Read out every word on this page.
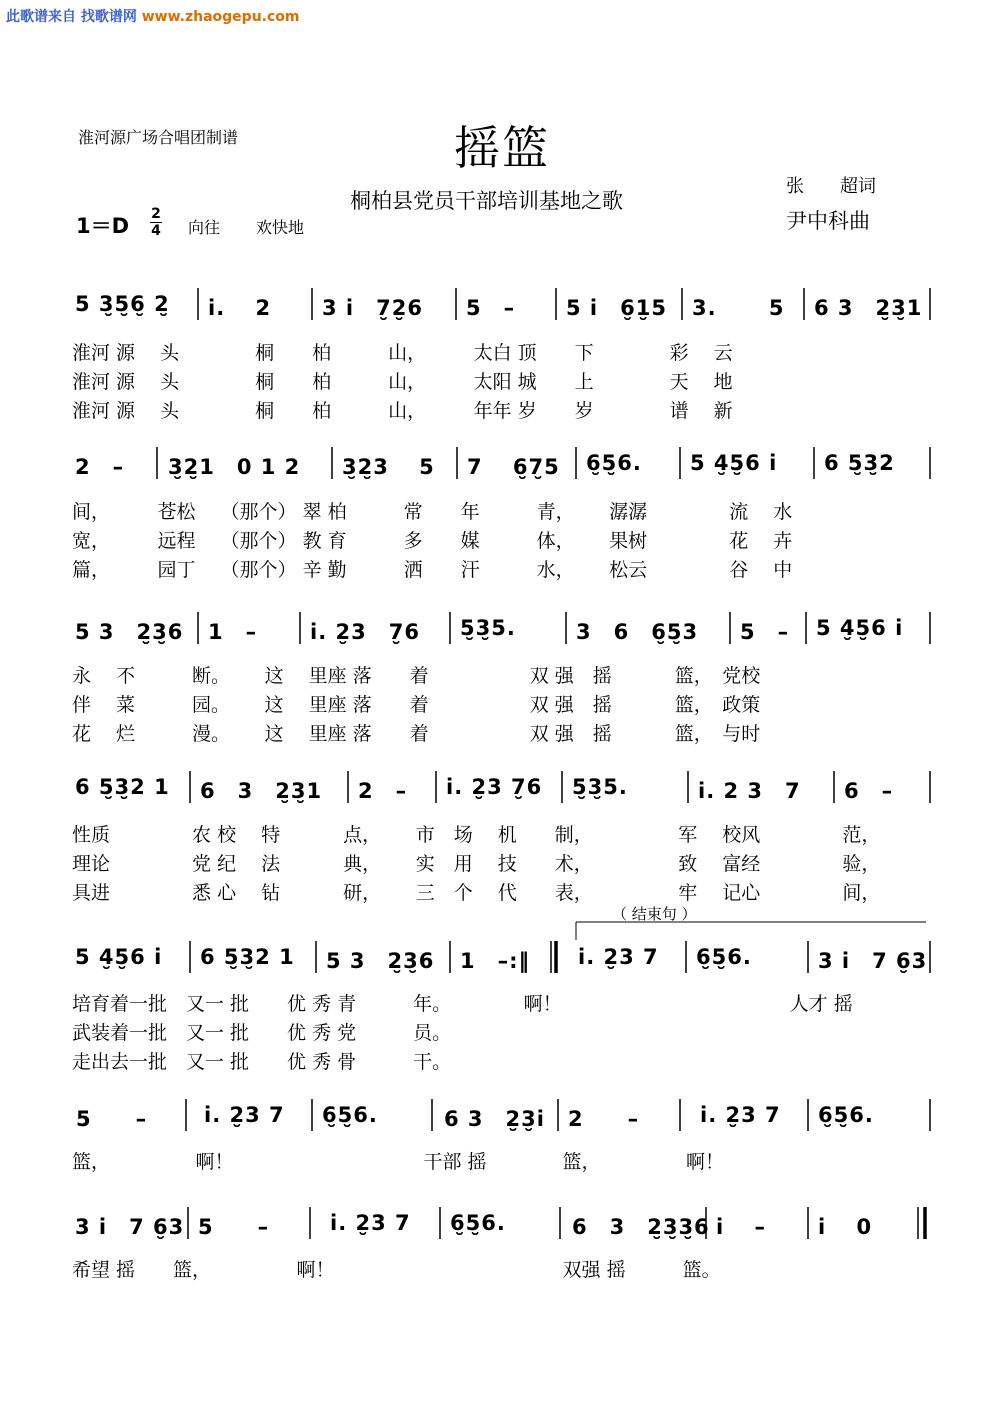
此歌谱来自 找歌谱网 www.zhaogepu.com
淮河源广场合唱团制谱	摇篮
桐柏县党员干部培训基地之歌
张　　超词
尹中科曲
1＝D 2
4 向往 欢快地
5 3̮5̮6̮ 2̮ i.　 2 3 i　7̮2̮6 5　– 5 i　6̮1̮5 3.　　 5 6 3　2̮3̮1
淮河 源　 头　　　　桐　　柏　　　山，　　　太白 顶　　下　　　　彩　 云
淮河 源　 头　　　　桐　　柏　　　山，　　　太阳 城　　上　　　　天　 地
淮河 源　 头　　　　桐　　柏　　　山，　　　年年 岁　　岁　　　　谱　 新
2　– 3̮2̮1　0 1 2 3̮2̮3　 5 7　 6̮7̮5 6̮5̮6. 5 4̮5̮6 i 6 5̮3̮2
间，　　　苍松　 （那个） 翠 柏　　　常　　年　　　青，　　 潺潺　　　　 流　 水
宽，　　　远程　 （那个） 教 育　　　多　　媒　　　体，　　 果树　　　　 花　 卉
篇，　　　园丁　 （那个） 辛 勤　　　洒　　汗　　　水，　　 松云　　　　 谷　 中
5 3　2̮3̮6 1　–	i. 2̮3　7̮6 5̮3̮5.	3　6　6̮5̮3 5　– 5 4̮5̮6 i
永　 不　　　断。　　 这　 里座 落　　着　　　　　 双 强　摇　　　 篮，　党校
伴　 菜　　　园。　　 这　 里座 落　　着　　　　　 双 强　摇　　　 篮，　政策
花　 烂　　　漫。　　 这　 里座 落　　着　　　　　 双 强　摇　　　 篮，　与时
6 5̮3̮2 1 6　3　2̮3̮1 2　– i. 2̮3 7̮6 5̮3̮5.	i. 2 3　7 6　–
性质　　　　 农 校　 特　　　 点，　　 市　场　 机　　制，　　　　　军　 校风　　　　 范，
理论　　　　 党 纪　 法　　　 典，　　 实　用　 技　　术，　　　　　致　 富经　　　　 验，
具进　　　　 悉 心　 钻　　　 研，　　 三　个　 代　　表，　　　　　牢　 记心　　　　 间，
（ 结束句 ）
5 4̮5̮6 i 6 5̮3̮2 1 5 3　2̮3̮6 1　–:‖ i. 2̮3 7 6̮5̮6.	3 i　7 6̮3
培育着一批　又一 批　　优 秀 青　　　年。　　　　 啊！　　　　　　　　　　　　人才 摇
武装着一批　又一 批　　优 秀 党　　　员。
走出去一批　又一 批　　优 秀 骨　　　干。
5　　–	i. 2̮3 7 6̮5̮6.	6 3　2̮3̮i 2　　–	i. 2̮3 7 6̮5̮6.
篮，　　　　　啊！　　　　　　　　　　干部 摇　　　　篮，　　　　　啊！
3 i　7 6̮3 5　　–	i. 2̮3 7 6̮5̮6.	6　3　2̮3̮3̮6 i　 – i　 0
希望 摇　　篮，　　　　　啊！　　　　　　　　　　　　双强 摇　　　篮。
